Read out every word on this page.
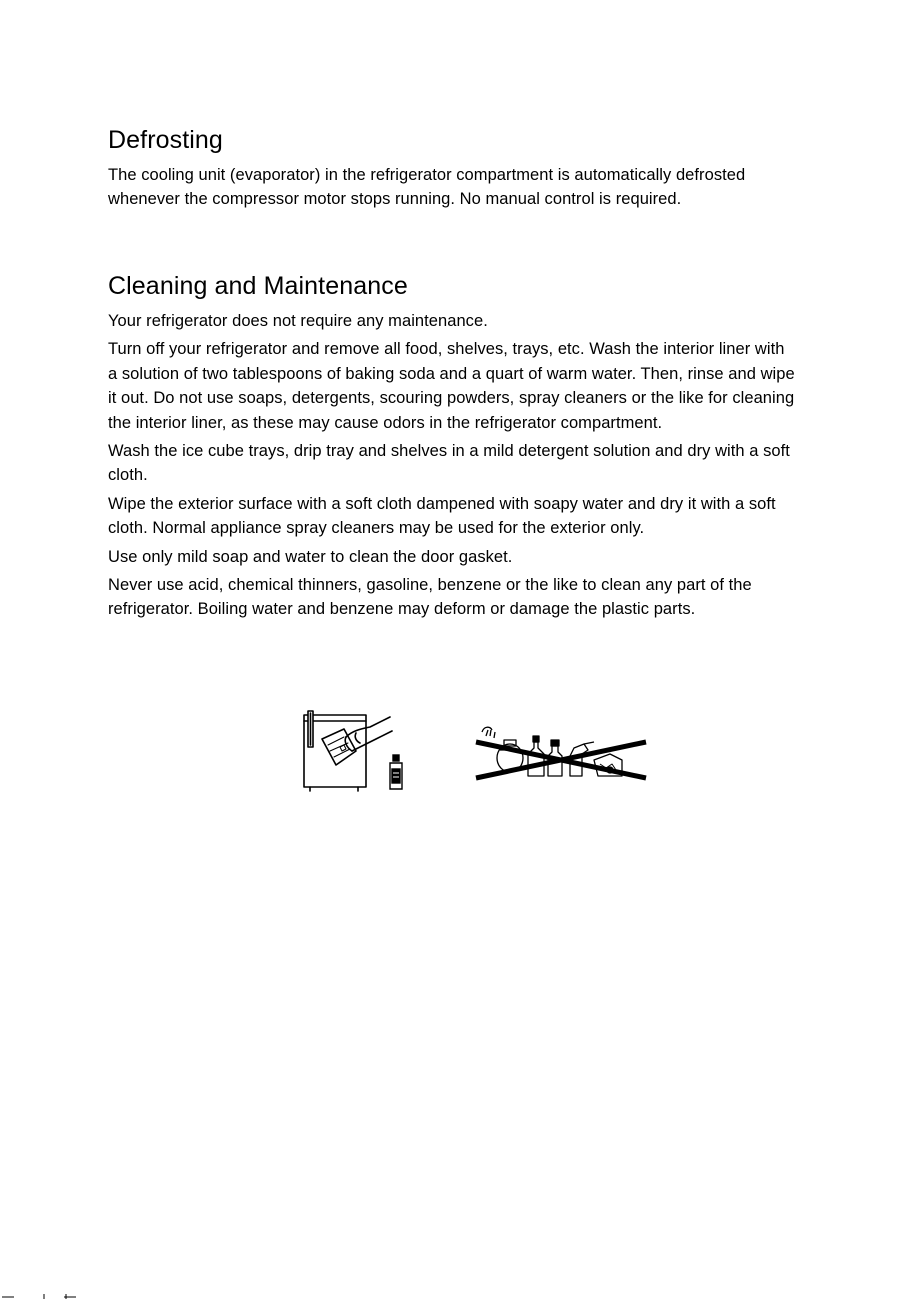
Defrosting

The cooling unit (evaporator) in the refrigerator compartment is automatically defrosted whenever the compressor motor stops running. No manual control is required.

Cleaning and Maintenance

Your refrigerator does not require any maintenance.

Turn off your refrigerator and remove all food, shelves, trays, etc. Wash the interior liner with a solution of two tablespoons of baking soda and a quart of warm water. Then, rinse and wipe it out. Do not use soaps, detergents, scouring powders, spray cleaners or the like for cleaning the interior liner, as these may cause odors in the refrigerator compartment.

Wash the ice cube trays, drip tray and shelves in a mild detergent solution and dry with a soft cloth.

Wipe the exterior surface with a soft cloth dampened with soapy water and dry it with a soft cloth. Normal appliance spray cleaners may be used for the exterior only.

Use only mild soap and water to clean the door gasket.

Never use acid, chemical thinners, gasoline, benzene or the like to clean any part of the refrigerator. Boiling water and benzene may deform or damage the plastic parts.
